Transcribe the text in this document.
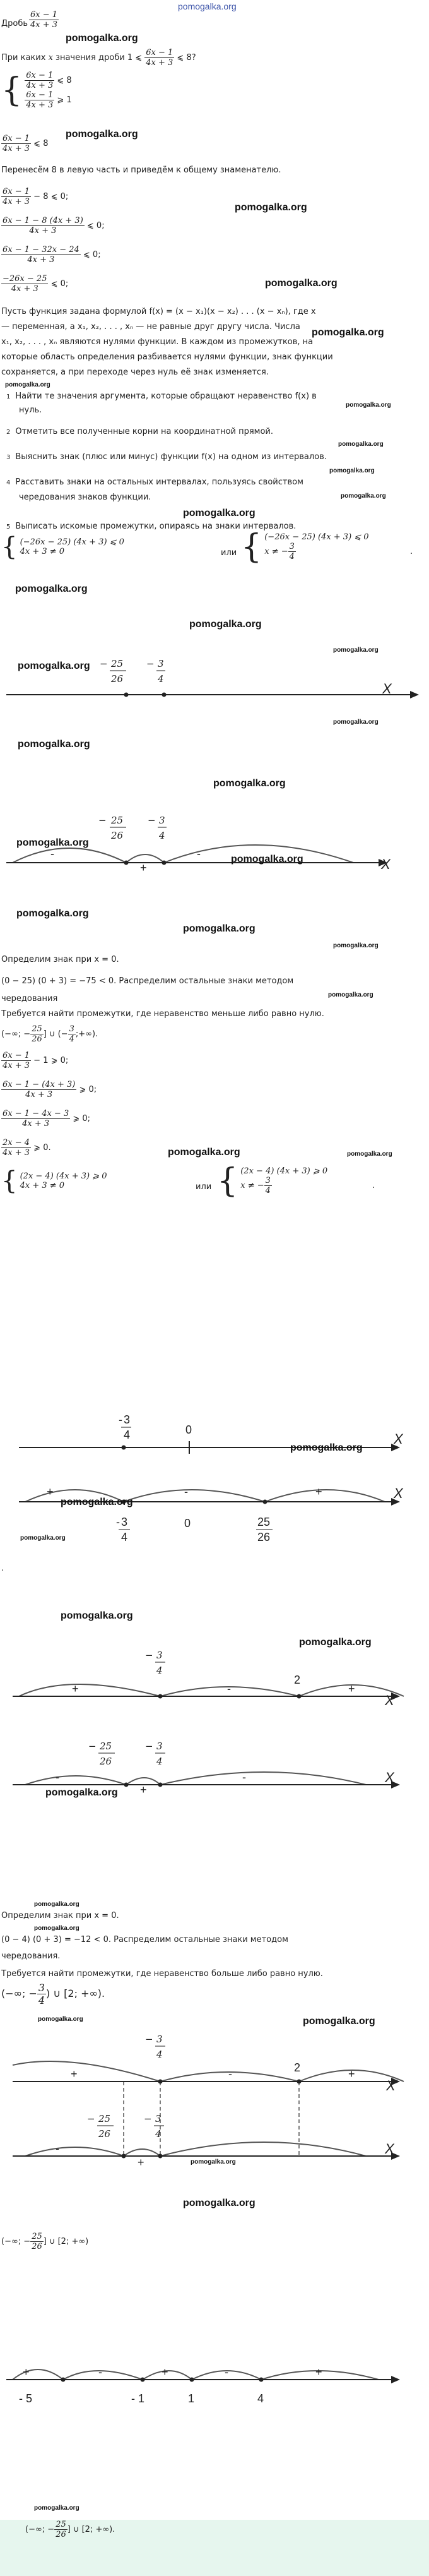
pomogalka.org
Дробь $\frac{6x - 1}{4x + 3}$
pomogalka.org
При каких x значения дроби 1 ⩽ $\frac{6x - 1}{4x + 3}$ ⩽ 8?
{ $\frac{6x - 1}{4x + 3}$ ⩽ 8
$\frac{6x - 1}{4x + 3}$ ⩾ 1
$\frac{6x - 1}{4x + 3}$ ⩽ 8
pomogalka.org
Перенесём 8 в левую часть и приведём к общему знаменателю.
pomogalka.org
$\frac{6x - 1}{4x + 3} - 8$ ⩽ 0;
$\frac{6x - 1 - 8 (4x + 3)}{4x + 3}$ ⩽ 0;
$\frac{6x - 1 - 32x - 24}{4x + 3}$ ⩽ 0;
$\frac{-26x - 25}{4x + 3}$ ⩽ 0;	pomogalka.org
Пусть функция задана формулой f(x) = (x − x₁)(x − x₂) . . . (x − xₙ), где x
— переменная, а x₁, x₂, . . . , xₙ — не равные друг другу числа. Числа
x₁, x₂, . . . , xₙ являются нулями функции. В каждом из промежутков, на
которые область определения разбивается нулями функции, знак функции
сохраняется, а при переходе через нуль её знак изменяется.
pomogalka.org
pomogalka.org
1 Найти те значения аргумента, которые обращают неравенство f(x) в
нуль.
pomogalka.org
2 Отметить все полученные корни на координатной прямой.
pomogalka.org
3 Выяснить знак (плюс или минус) функции f(x) на одном из интервалов.
pomogalka.org
4 Расставить знаки на остальных интервалах, пользуясь свойством
чередования знаков функции.	pomogalka.org
pomogalka.org
5 Выписать искомые промежутки, опираясь на знаки интервалов.
{ (−26x − 25) (4x + 3) ⩽ 0
4x + 3 ≠ 0	или { (−26x − 25) (4x + 3) ⩽ 0
x ≠ − $\frac{3}{4}$	.
pomogalka.org
pomogalka.org
− 25
26
− 3
4
X
pomogalka.org
pomogalka.org
pomogalka.org
pomogalka.org
pomogalka.org
− 25
26
− 3
4
-
+
-
X
pomogalka.org
pomogalka.org
pomogalka.org
pomogalka.org
pomogalka.org
Определим знак при x = 0.
(0 − 25) (0 + 3) = −75 < 0. Распределим остальные знаки методом
чередования	pomogalka.org
Требуется найти промежутки, где неравенство меньше либо равно нулю.
(−∞; − $\frac{25}{26}$ ] ∪ (− $\frac{3}{4}$ ;+∞).
$\frac{6x - 1}{4x + 3} - 1$ ⩾ 0;
$\frac{6x - 1 - (4x + 3)}{4x + 3}$ ⩾ 0;
$\frac{6x - 1 - 4x - 3}{4x + 3}$ ⩾ 0;
$\frac{2x - 4}{4x + 3}$ ⩾ 0.	pomogalka.org	pomogalka.org
{ (2x − 4) (4x + 3) ⩾ 0
4x + 3 ≠ 0	или { (2x − 4) (4x + 3) ⩾ 0
x ≠ − $\frac{3}{4}$	.
- 3
4	0
X
- 3
4
0	25
26
+	-	+	X
pomogalka.org
pomogalka.org
pomogalka.org
.
pomogalka.org
pomogalka.org
− 3
4
2
+	-	+
X
− 25
26
− 3
4
-
+
-	X
pomogalka.org
pomogalka.org
Определим знак при x = 0.
pomogalka.org
(0 − 4) (0 + 3) = −12 < 0. Распределим остальные знаки методом
чередования.
Требуется найти промежутки, где неравенство больше либо равно нулю.
(−∞; − $\frac{3}{4}$ ) ∪ [2; +∞).
pomogalka.org	pomogalka.org
− 3
4
2
+	-	+
X
− 25
26
− 3
4
-
+
X
pomogalka.org
pomogalka.org
(−∞; − $\frac{25}{26}$ ] ∪ [2; +∞)
- 5	- 1	1	4
+	-	+	-	+
pomogalka.org
(−∞; − $\frac{25}{26}$ ] ∪ [2; +∞).
